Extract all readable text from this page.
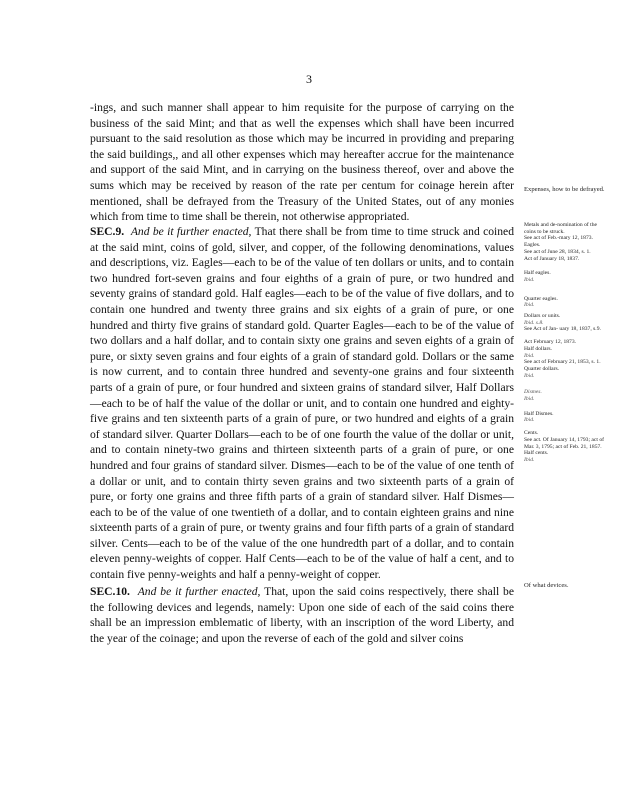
3

-ings, and such manner shall appear to him requisite for the purpose of carrying on the business of the said Mint; and that as well the expenses which shall have been incurred pursuant to the said resolution as those which may be incurred in providing and preparing the said buildings,, and all other expenses which may hereafter accrue for the maintenance and support of the said Mint, and in carrying on the business thereof, over and above the sums which may be received by reason of the rate per centum for coinage herein after mentioned, shall be defrayed from the Treasury of the United States, out of any monies which from time to time shall be therein, not otherwise appropriated.

SEC.9. And be it further enacted, That there shall be from time to time struck and coined at the said mint, coins of gold, silver, and copper, of the following denominations, values and descriptions, viz. Eagles—each to be of the value of ten dollars or units, and to contain two hundred fort-seven grains and four eighths of a grain of pure, or two hundred and seventy grains of standard gold. Half eagles—each to be of the value of five dollars, and to contain one hundred and twenty three grains and six eights of a grain of pure, or one hundred and thirty five grains of standard gold. Quarter Eagles—each to be of the value of two dollars and a half dollar, and to contain sixty one grains and seven eights of a grain of pure, or sixty seven grains and four eights of a grain of standard gold. Dollars or the same is now current, and to contain three hundred and seventy-one grains and four sixteenth parts of a grain of pure, or four hundred and sixteen grains of standard silver, Half Dollars—each to be of half the value of the dollar or unit, and to contain one hundred and eighty-five grains and ten sixteenth parts of a grain of pure, or two hundred and eights of a grain of standard silver. Quarter Dollars—each to be of one fourth the value of the dollar or unit, and to contain ninety-two grains and thirteen sixteenth parts of a grain of pure, or one hundred and four grains of standard silver. Dismes—each to be of the value of one tenth of a dollar or unit, and to contain thirty seven grains and two sixteenth parts of a grain of pure, or forty one grains and three fifth parts of a grain of standard silver. Half Dismes—each to be of the value of one twentieth of a dollar, and to contain eighteen grains and nine sixteenth parts of a grain of pure, or twenty grains and four fifth parts of a grain of standard silver. Cents—each to be of the value of the one hundredth part of a dollar, and to contain eleven penny-weights of copper. Half Cents—each to be of the value of half a cent, and to contain five penny-weights and half a penny-weight of copper.

SEC.10. And be it further enacted, That, upon the said coins respectively, there shall be the following devices and legends, namely: Upon one side of each of the said coins there shall be an impression emblematic of liberty, with an inscription of the word Liberty, and the year of the coinage; and upon the reverse of each of the gold and silver coins

Expenses, how to be defrayed.

Metals and de-nomination of the coins to be struck.

See act of Feb.-mary 12, 1873.

Eagles.

See act of June 28, 1834, s. 1.

Act of January 18, 1837.

Half eagles.

Ibid.

Quarter eagles.

Ibid.

Dollars or units.

Ibid. s.8.

See Act of Jan- uary 18, 1837, s.9.

Act February 12, 1873.

Half dollars.

Ibid.

See act of February 21, 1853, s. 1.

Quarter dollars.

Ibid.

Dismes.

Ibid.

Half Dismes.

Ibid.

Cents.

See act. Of January 14, 1793; act of Mar. 3, 1795; act of Feb. 21, 1857.

Half cents.

Ibid.

Of what devices.
